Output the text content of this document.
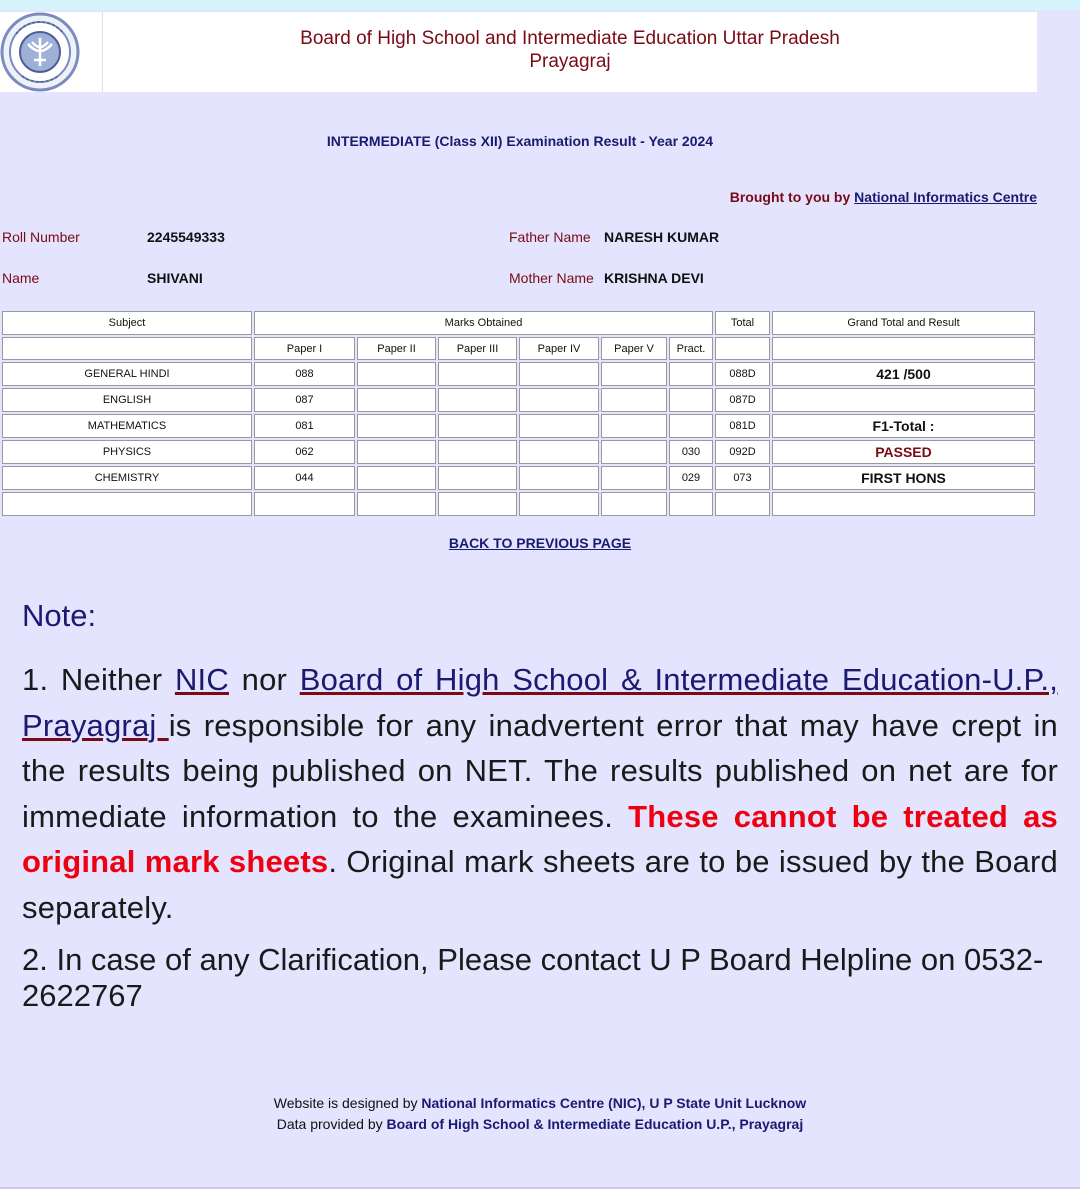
Board of High School and Intermediate Education Uttar Pradesh
Prayagraj
INTERMEDIATE (Class XII) Examination Result - Year 2024
Brought to you by National Informatics Centre
Roll Number	2245549333	Father Name NARESH KUMAR
Name	SHIVANI	Mother Name KRISHNA DEVI
Subject	Marks Obtained						Total	Grand Total and Result
	Paper I	Paper II	Paper III	Paper IV	Paper V	Pract.		
GENERAL HINDI	088						088D	421 /500
ENGLISH	087						087D	
MATHEMATICS	081						081D	F1-Total :
PHYSICS	062					030	092D	PASSED
CHEMISTRY	044					029	073	FIRST HONS

BACK TO PREVIOUS PAGE
Note:
1. Neither NIC nor Board of High School & Intermediate Education-U.P., Prayagraj is responsible for any inadvertent error that may have crept in the results being published on NET. The results published on net are for immediate information to the examinees. These cannot be treated as original mark sheets. Original mark sheets are to be issued by the Board separately.
2. In case of any Clarification, Please contact U P Board Helpline on 0532-2622767
Website is designed by National Informatics Centre (NIC), U P State Unit Lucknow
Data provided by Board of High School & Intermediate Education U.P., Prayagraj
